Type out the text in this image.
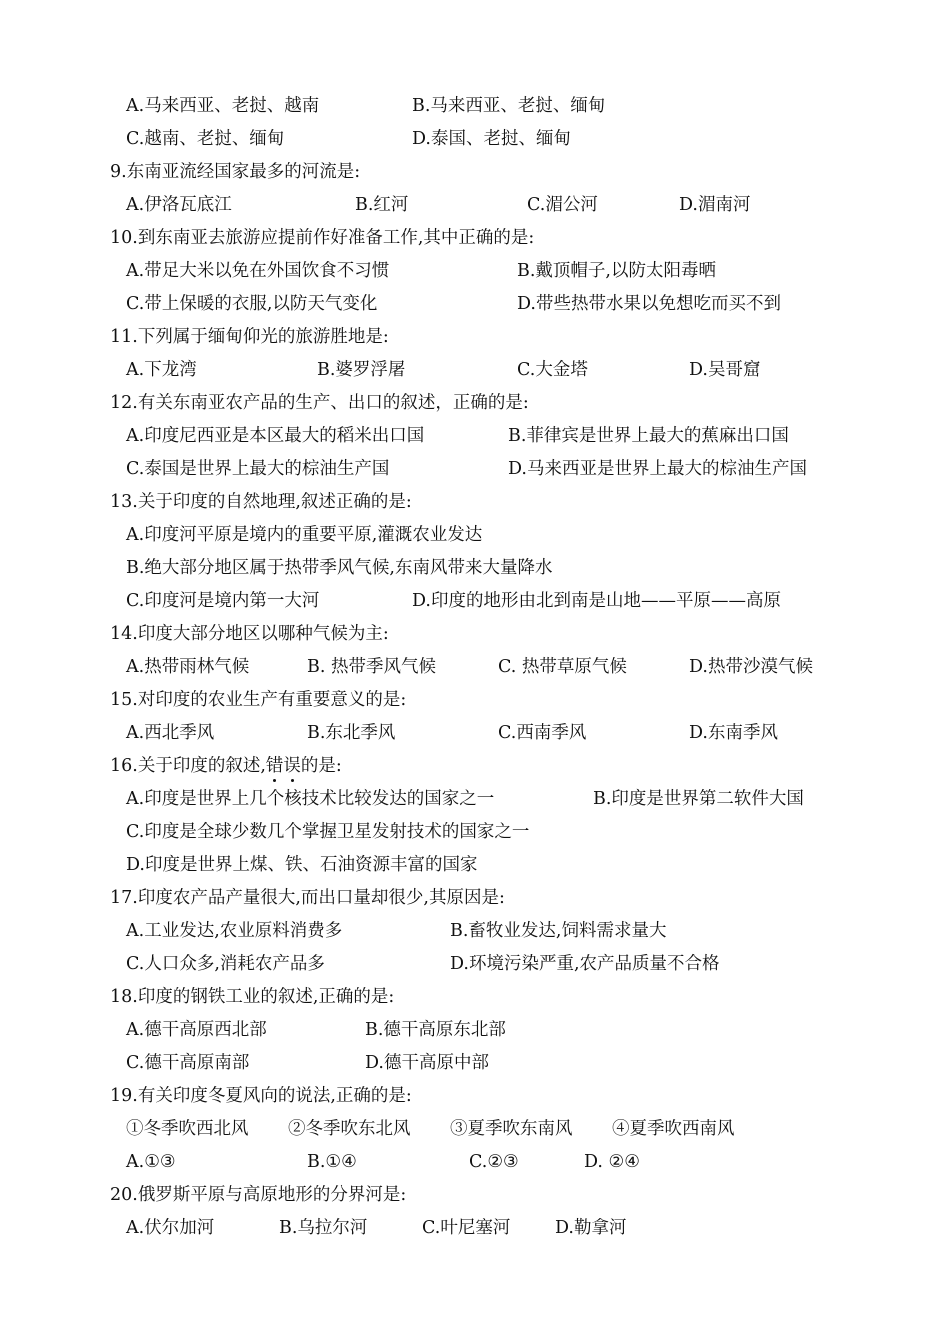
A.马来西亚、老挝、越南	B.马来西亚、老挝、缅甸
C.越南、老挝、缅甸	D.泰国、老挝、缅甸
9.东南亚流经国家最多的河流是:
A.伊洛瓦底江	B.红河	C.湄公河	D.湄南河
10.到东南亚去旅游应提前作好准备工作,其中正确的是:
A.带足大米以免在外国饮食不习惯	B.戴顶帽子,以防太阳毒晒
C.带上保暖的衣服,以防天气变化	D.带些热带水果以免想吃而买不到
11.下列属于缅甸仰光的旅游胜地是:
A.下龙湾	B.婆罗浮屠	C.大金塔	D.吴哥窟
12.有关东南亚农产品的生产、出口的叙述，正确的是:
A.印度尼西亚是本区最大的稻米出口国	B.菲律宾是世界上最大的蕉麻出口国
C.泰国是世界上最大的棕油生产国	D.马来西亚是世界上最大的棕油生产国
13.关于印度的自然地理,叙述正确的是:
A.印度河平原是境内的重要平原,灌溉农业发达
B.绝大部分地区属于热带季风气候,东南风带来大量降水
C.印度河是境内第一大河	D.印度的地形由北到南是山地——平原——高原
14.印度大部分地区以哪种气候为主:
A.热带雨林气候	B. 热带季风气候	C. 热带草原气候	D.热带沙漠气候
15.对印度的农业生产有重要意义的是:
A.西北季风	B.东北季风	C.西南季风	D.东南季风
16.关于印度的叙述,错
误
的是:
A.印度是世界上几个核技术比较发达的国家之一	B.印度是世界第二软件大国
C.印度是全球少数几个掌握卫星发射技术的国家之一
D.印度是世界上煤、铁、石油资源丰富的国家
17.印度农产品产量很大,而出口量却很少,其原因是:
A.工业发达,农业原料消费多	B.畜牧业发达,饲料需求量大
C.人口众多,消耗农产品多	D.环境污染严重,农产品质量不合格
18.印度的钢铁工业的叙述,正确的是:
A.德干高原西北部	B.德干高原东北部
C.德干高原南部	D.德干高原中部
19.有关印度冬夏风向的说法,正确的是:
①冬季吹西北风 ②冬季吹东北风 ③夏季吹东南风 ④夏季吹西南风
A.①③	B.①④	C.②③	D. ②④
20.俄罗斯平原与高原地形的分界河是:
A.伏尔加河	B.乌拉尔河	C.叶尼塞河	D.勒拿河
